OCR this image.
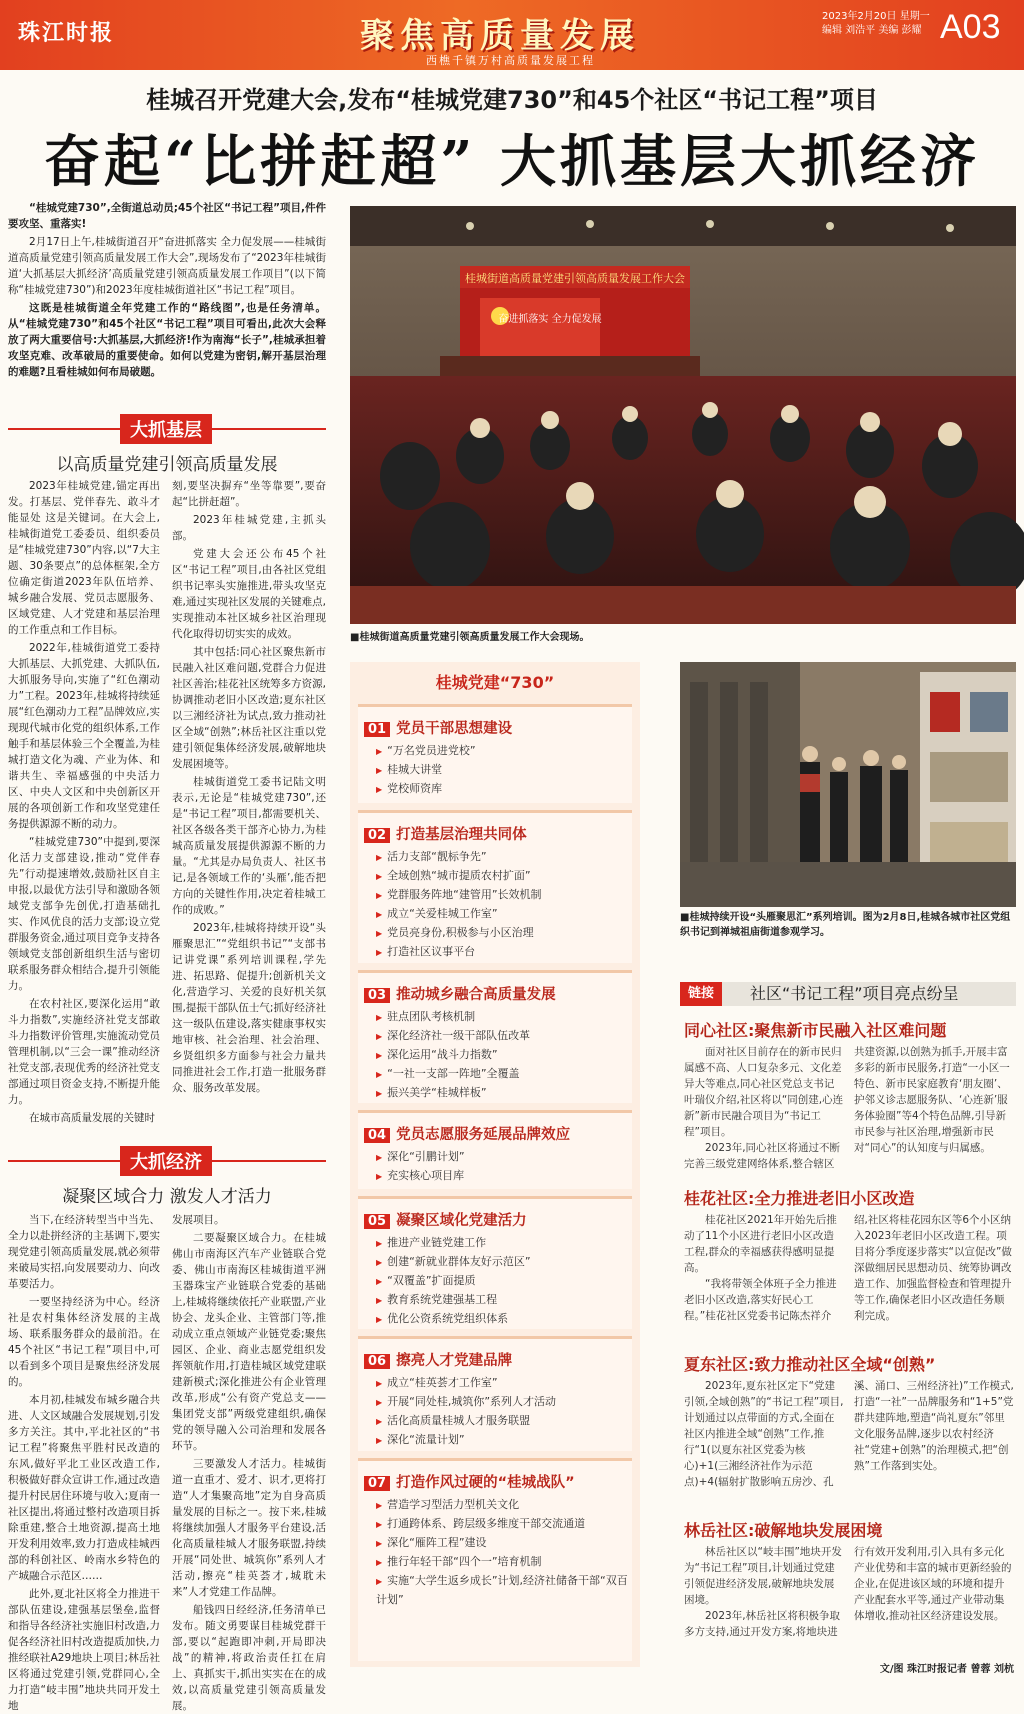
珠江时报	聚焦高质量发展
西樵千镇万村高质量发展工程
2023年2月20日 星期一
编辑 刘浩平 美编 彭耀 A03
桂城召开党建大会,发布“桂城党建730”和45个社区“书记工程”项目
奋起“比拼赶超” 大抓基层大抓经济

“桂城党建730”,全街道总动员;45个社区“书记工程”项目,件件要攻坚、重落实!

2月17日上午,桂城街道召开“奋进抓落实 全力促发展——桂城街道高质量党建引领高质量发展工作大会”,现场发布了“2023年桂城街道‘大抓基层大抓经济’高质量党建引领高质量发展工作项目”(以下简称“桂城党建730”)和2023年度桂城街道社区“书记工程”项目。

这既是桂城街道全年党建工作的“路线图”,也是任务清单。从“桂城党建730”和45个社区“书记工程”项目可看出,此次大会释放了两大重要信号:大抓基层,大抓经济!作为南海“长子”,桂城承担着攻坚克难、改革破局的重要使命。如何以党建为密钥,解开基层治理的难题?且看桂城如何布局破题。

大抓基层
以高质量党建引领高质量发展

2023年桂城党建,锚定再出发。打基层、党伴春先、敢斗才能显处 这是关键词。在大会上,桂城街道党工委委员、组织委员是“桂城党建730”内容,以“7大主题、30条要点”的总体框架,全方位确定街道2023年队伍培养、城乡融合发展、党员志愿服务、区域党建、人才党建和基层治理的工作重点和工作目标。

2022年,桂城街道党工委持大抓基层、大抓党建、大抓队伍,大抓服务导向,实施了“红色潮动力”工程。2023年,桂城将持续延展“红色潮动力工程”品牌效应,实现现代城市化党的组织体系,工作触手和基层体验三个全覆盖,为桂城打造文化为魂、产业为体、和谐共生、幸福感强的中央活力区、中央人文区和中央创新区开展的各项创新工作和攻坚党建任务提供源源不断的动力。

“桂城党建730”中提到,要深化活力支部建设,推动“党伴春先”行动提速增效,鼓励社区自主申报,以最优方法引导和激励各领域党支部争先创优,打造基础扎实、作风优良的活力支部;设立党群服务资金,通过项目竞争支持各领域党支部创新组织生活与密切联系服务群众相结合,提升引领能力。

在农村社区,要深化运用“敢斗力指数”,实施经济社党支部敢斗力指数评价管理,实施流动党员管理机制,以“三会一课”推动经济社党支部,表现优秀的经济社党支部通过项目资金支持,不断提升能力。

在城市高质量发展的关键时

刻,要坚决摒弃“坐等靠要”,要奋起“比拼赶超”。

2023年桂城党建,主抓头部。

党建大会还公布45个社区“书记工程”项目,由各社区党组织书记率头实施推进,带头攻坚克难,通过实现社区发展的关键难点,实现推动本社区城乡社区治理现代化取得切切实实的成效。

其中包括:同心社区聚焦新市民融入社区难问题,党群合力促进社区善治;桂花社区统筹多方资源,协调推动老旧小区改造;夏东社区以三湘经济社为试点,致力推动社区全域“创熟”;林岳社区注重以党建引领促集体经济发展,破解地块发展困境等。

桂城街道党工委书记陆文明表示,无论是“桂城党建730”,还是“书记工程”项目,都需要机关、社区各级各类干部齐心协力,为桂城高质量发展提供源源不断的力量。“尤其是办局负责人、社区书记,是各领域工作的‘头雁’,能否把方向的关键性作用,决定着桂城工作的成败。”

2023年,桂城将持续开设“头雁聚思汇”“党组织书记”“支部书记讲党课”系列培训课程,学先进、拓思路、促提升;创新机关文化,营造学习、关爱的良好机关氛围,提振干部队伍士气;抓好经济社这一级队伍建设,落实健康事权实地审核、社会治理、社会治理、乡贤组织多方面参与社会力量共同推进社会工作,打造一批服务群众、服务改革发展。

大抓经济
凝聚区域合力 激发人才活力

当下,在经济转型当中当先、全力以赴拼经济的主基调下,要实现党建引领高质量发展,就必须带来破局实招,向发展要动力、向改革要活力。

一要坚持经济为中心。经济社是农村集体经济发展的主战场、联系服务群众的最前沿。在45个社区“书记工程”项目中,可以看到多个项目是聚焦经济发展的。

本月初,桂城发布城乡融合共进、人文区域融合发展规划,引发多方关注。其中,平北社区的“书记工程”将聚焦平胜村民改造的东风,做好平北工业区改造工作,积极做好群众宣讲工作,通过改造提升村民居住环境与收入;夏南一社区提出,将通过整村改造项目拆除重建,整合土地资源,提高土地开发利用效率,致力打造成桂城西部的科创社区、岭南水乡特色的产城融合示范区……

此外,夏北社区将全力推进干部队伍建设,建强基层堡垒,监督和指导各经济社实施旧村改造,力促各经济社旧村改造提质加快,力推经联社A29地块上项目;林岳社区将通过党建引领,党群同心,全力打造“岐丰围”地块共同开发土地

发展项目。

二要凝聚区域合力。在桂城佛山市南海区汽车产业链联合党委、佛山市南海区桂城街道平洲玉器珠宝产业链联合党委的基础上,桂城将继续依托产业联盟,产业协会、龙头企业、主管部门等,推动成立重点领域产业链党委;聚焦园区、企业、商业志愿党组织发挥领航作用,打造桂城区域党建联建新模式;深化推进公有企业管理改革,形成“公有资产党总支——集团党支部”两级党建组织,确保党的领导融入公司治理和发展各环节。

三要激发人才活力。桂城街道一直重才、爱才、识才,更将打造“人才集聚高地”定为自身高质量发展的目标之一。按下来,桂城将继续加强人才服务平台建设,活化高质量桂城人才服务联盟,持续开展“同处世、城筑你”系列人才活动,擦亮“桂英荟才,城耽未来”人才党建工作品牌。

船钱四日经经济,任务清单已发布。随文勇要谋目桂城党群干部,要以“起跑即冲刺,开局即决战”的精神,将政治责任扛在肩上、真抓实干,抓出实实在在的成效,以高质量党建引领高质量发展。

桂城街道高质量党建引领高质量发展工作大会
奋进抓落实 全力促发展
■桂城街道高质量党建引领高质量发展工作大会现场。
桂城党建“730”
01 党员干部思想建设
▶ “万名党员进党校”
▶ 桂城大讲堂
▶ 党校师资库
02 打造基层治理共同体
▶ 活力支部“靓标争先”
▶ 全域创熟“城市提质农村扩面”
▶ 党群服务阵地“建管用”长效机制
▶ 成立“关爱桂城工作室”
▶ 党员亮身份,积极参与小区治理
▶ 打造社区议事平台
03 推动城乡融合高质量发展
▶ 驻点团队考核机制
▶ 深化经济社一级干部队伍改革
▶ 深化运用“战斗力指数”
▶ “一社一支部一阵地”全覆盖
▶ 振兴美学“桂城样板”
04 党员志愿服务延展品牌效应
▶ 深化“引鹏计划”
▶ 充实核心项目库
05 凝聚区域化党建活力
▶ 推进产业链党建工作
▶ 创建“新就业群体友好示范区”
▶ “双覆盖”扩面提质
▶ 教育系统党建强基工程
▶ 优化公资系统党组织体系
06 擦亮人才党建品牌
▶ 成立“桂英荟才工作室”
▶ 开展“同处桂,城筑你”系列人才活动
▶ 活化高质量桂城人才服务联盟
▶ 深化“流量计划”
07 打造作风过硬的“桂城战队”
▶ 营造学习型活力型机关文化
▶ 打通跨体系、跨层级多维度干部交流通道
▶ 深化“雁阵工程”建设
▶ 推行年轻干部“四个一”培育机制
▶ 实施“大学生返乡成长”计划,经济社储备干部“双百计划”
■桂城持续开设“头雁聚思汇”系列培训。图为2月8日,桂城各城市社区党组织书记到禅城祖庙街道参观学习。
链接	社区“书记工程”项目亮点纷呈
同心社区:聚焦新市民融入社区难问题

面对社区目前存在的新市民归属感不高、人口复杂多元、文化差异大等难点,同心社区党总支书记叶瑞仪介绍,社区将以“同创建,心连新”新市民融合项目为“书记工程”项目。

2023年,同心社区将通过不断完善三级党建网络体系,整合辖区共建资源,以创熟为抓手,开展丰富多彩的新市民服务,打造“一小区一特色、新市民家庭教育‘朋友圈’、护邻义诊志愿服务队、‘心连新’服务体验圈”等4个特色品牌,引导新市民参与社区治理,增强新市民对“同心”的认知度与归属感。

桂花社区:全力推进老旧小区改造

桂花社区2021年开始先后推动了11个小区进行老旧小区改造工程,群众的幸福感获得感明显提高。

“我将带领全体班子全力推进老旧小区改造,落实好民心工程。”桂花社区党委书记陈杰祥介绍,社区将桂花园东区等6个小区纳入2023年老旧小区改造工程。项目将分季度逐步落实“以宣促改”做深做细居民思想动员、统筹协调改造工作、加强监督检查和管理提升等工作,确保老旧小区改造任务顺利完成。

夏东社区:致力推动社区全域“创熟”

2023年,夏东社区定下“党建引领,全域创熟”的“书记工程”项目,计划通过以点带面的方式,全面在社区内推进全域“创熟”工作,推行“1(以夏东社区党委为核心)+1(三湘经济社作为示范点)+4(辐射扩散影响五房沙、孔溪、涌口、三州经济社)”工作模式,打造“一社”一品牌服务和“1+5”党群共建阵地,塑造“尚礼夏东”邻里文化服务品牌,逐步以农村经济社“党建+创熟”的治理模式,把“创熟”工作落到实处。

林岳社区:破解地块发展困境

林岳社区以“岐丰围”地块开发为“书记工程”项目,计划通过党建引领促进经济发展,破解地块发展困境。

2023年,林岳社区将积极争取多方支持,通过开发方案,将地块进行有效开发利用,引入具有多元化产业优势和丰富的城市更新经验的企业,在促进该区域的环境和提升产业配套水平等,通过产业带动集体增收,推动社区经济建设发展。

文/图 珠江时报记者 曾蓉 刘杭
